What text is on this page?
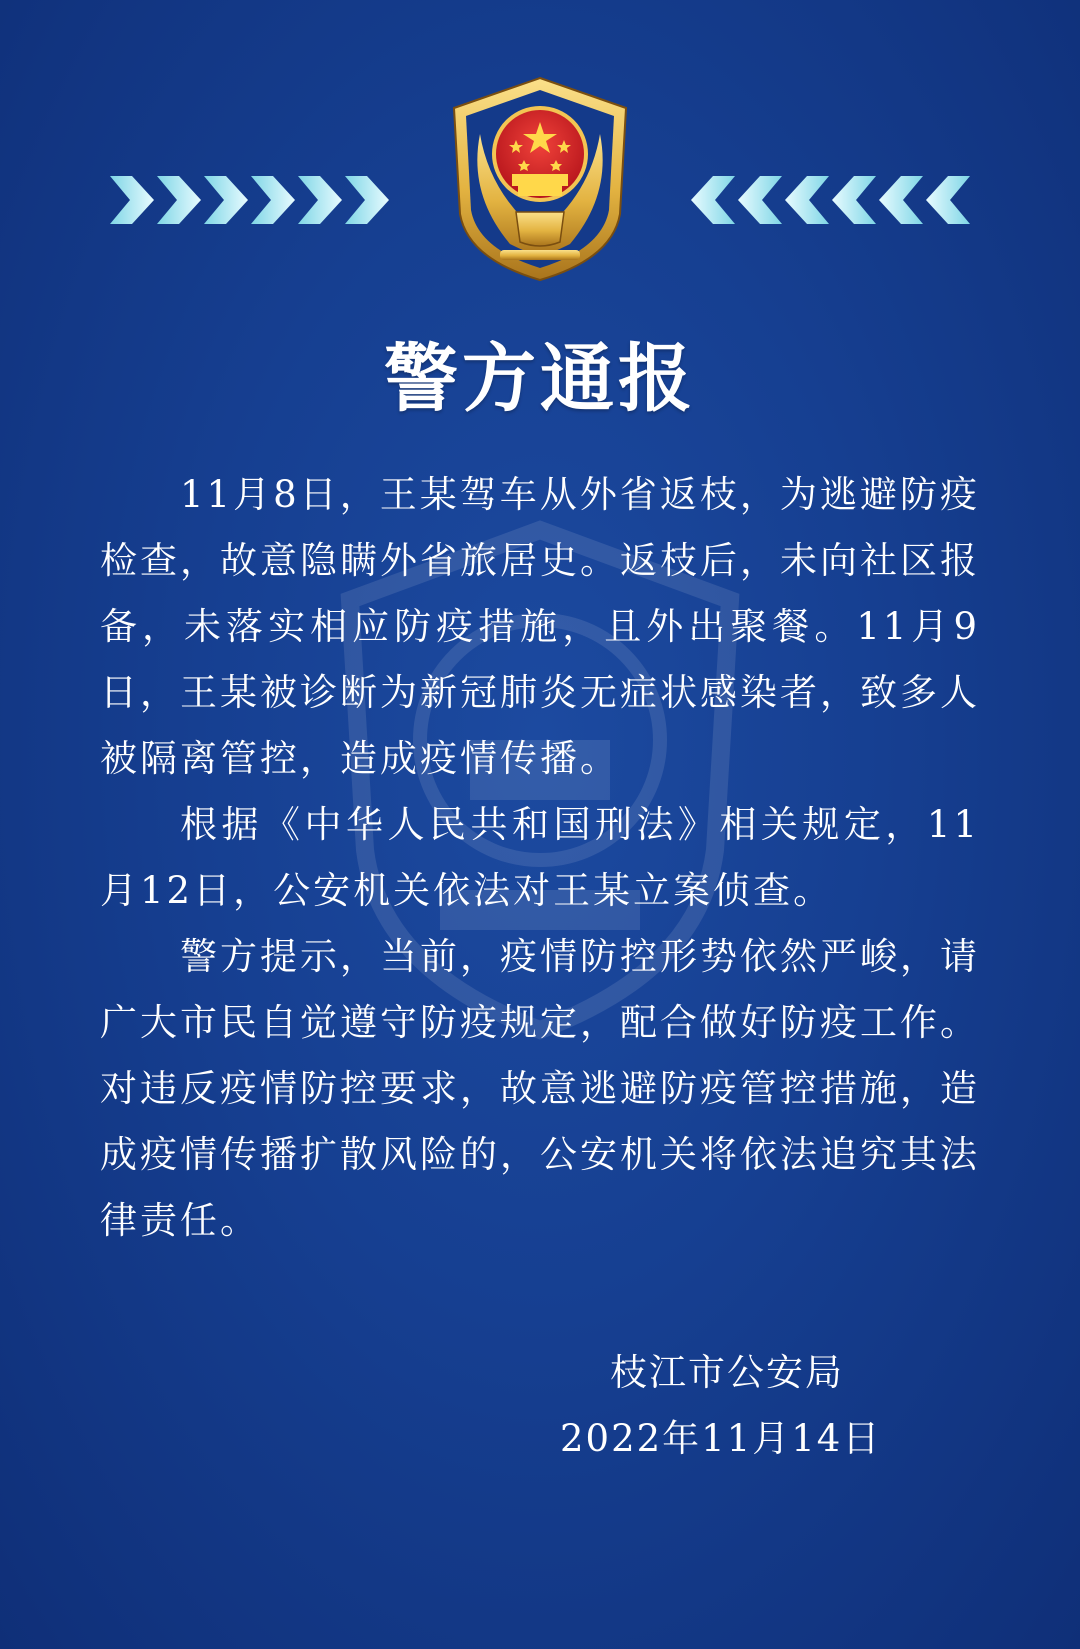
警方通报

11月8日，王某驾车从外省返枝，为逃避防疫检查，故意隐瞒外省旅居史。返枝后，未向社区报备，未落实相应防疫措施，且外出聚餐。11月9日，王某被诊断为新冠肺炎无症状感染者，致多人被隔离管控，造成疫情传播。

根据《中华人民共和国刑法》相关规定，11月12日，公安机关依法对王某立案侦查。

警方提示，当前，疫情防控形势依然严峻，请广大市民自觉遵守防疫规定，配合做好防疫工作。对违反疫情防控要求，故意逃避防疫管控措施，造成疫情传播扩散风险的，公安机关将依法追究其法律责任。

枝江市公安局
2022年11月14日
